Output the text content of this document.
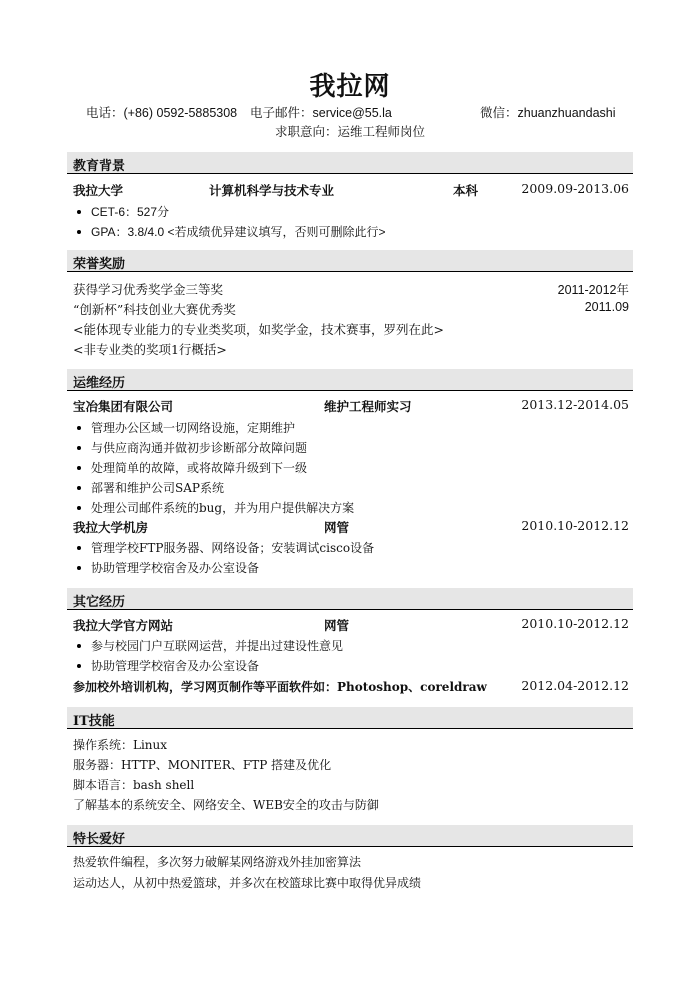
我拉网
电话：(+86) 0592-5885308 电子邮件：service@55.la	微信：zhuanzhuandashi
求职意向：运维工程师岗位
教育背景
我拉大学	计算机科学与技术专业	本科	2009.09-2013.06
CET-6：527分
GPA：3.8/4.0 <若成绩优异建议填写，否则可删除此行>
荣誉奖励
获得学习优秀奖学金三等奖	2011-2012年
“创新杯”科技创业大赛优秀奖	2011.09
<能体现专业能力的专业类奖项，如奖学金，技术赛事，罗列在此>
<非专业类的奖项1行概括>
运维经历
宝冶集团有限公司	维护工程师实习	2013.12-2014.05
管理办公区域一切网络设施，定期维护
与供应商沟通并做初步诊断部分故障问题
处理简单的故障，或将故障升级到下一级
部署和维护公司SAP系统
处理公司邮件系统的bug，并为用户提供解决方案
我拉大学机房	网管	2010.10-2012.12
管理学校FTP服务器、网络设备；安装调试cisco设备
协助管理学校宿舍及办公室设备
其它经历
我拉大学官方网站	网管	2010.10-2012.12
参与校园门户互联网运营，并提出过建设性意见
协助管理学校宿舍及办公室设备
参加校外培训机构，学习网页制作等平面软件如：Photoshop、coreldraw	2012.04-2012.12
IT技能
操作系统：Linux
服务器：HTTP、MONITER、FTP 搭建及优化
脚本语言：bash shell
了解基本的系统安全、网络安全、WEB安全的攻击与防御
特长爱好
热爱软件编程，多次努力破解某网络游戏外挂加密算法
运动达人，从初中热爱篮球，并多次在校篮球比赛中取得优异成绩
